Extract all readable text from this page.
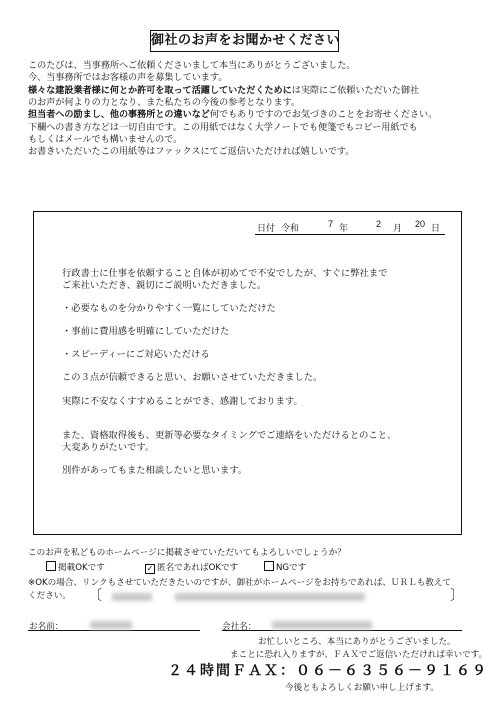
御社のお声をお聞かせください
このたびは、当事務所へご依頼くださいまして本当にありがとうございました。
今、当事務所ではお客様の声を募集しています。
様々な建設業者様に何とか許可を取って活躍していただくためには実際にご依頼いただいた御社
のお声が何よりの力となり、また私たちの今後の参考となります。
担当者への励まし、他の事務所との違いなど何でもありですのでお気づきのことをお寄せください。
下欄への書き方などは一切自由です。この用紙ではなく大学ノートでも便箋でもコピー用紙でも
もしくはメールでも構いませんので。
お書きいただいたこの用紙等はファックスにてご返信いただければ嬉しいです。
日付 令和	7 年	2 月 20 日
行政書士に仕事を依頼すること自体が初めてで不安でしたが、すぐに弊社まで
ご来社いただき、親切にご説明いただきました。
・必要なものを分かりやすく一覧にしていただけた
・事前に費用感を明確にしていただけた
・スピーディーにご対応いただける
この３点が信頼できると思い、お願いさせていただきました。
実際に不安なくすすめることができ、感謝しております。
また、資格取得後も、更新等必要なタイミングでご連絡をいただけるとのこと、
大変ありがたいです。
別件があってもまた相談したいと思います。
このお声を私どものホームページに掲載させていただいてもよろしいでしょうか？
掲載OKです	✓ 匿名であればOKです	NGです
※OKの場合、リンクもさせていただきたいのですが、御社がホームページをお持ちであれば、ＵＲＬも教えて
ください。 〔	〕
お名前：	会社名：
お忙しいところ、本当にありがとうございました。
まことに恐れ入りますが、ＦＡＸでご返信いただければ幸いです。
２４時間ＦＡＸ：０６－６３５６－９１６９
今後ともよろしくお願い申し上げます。
